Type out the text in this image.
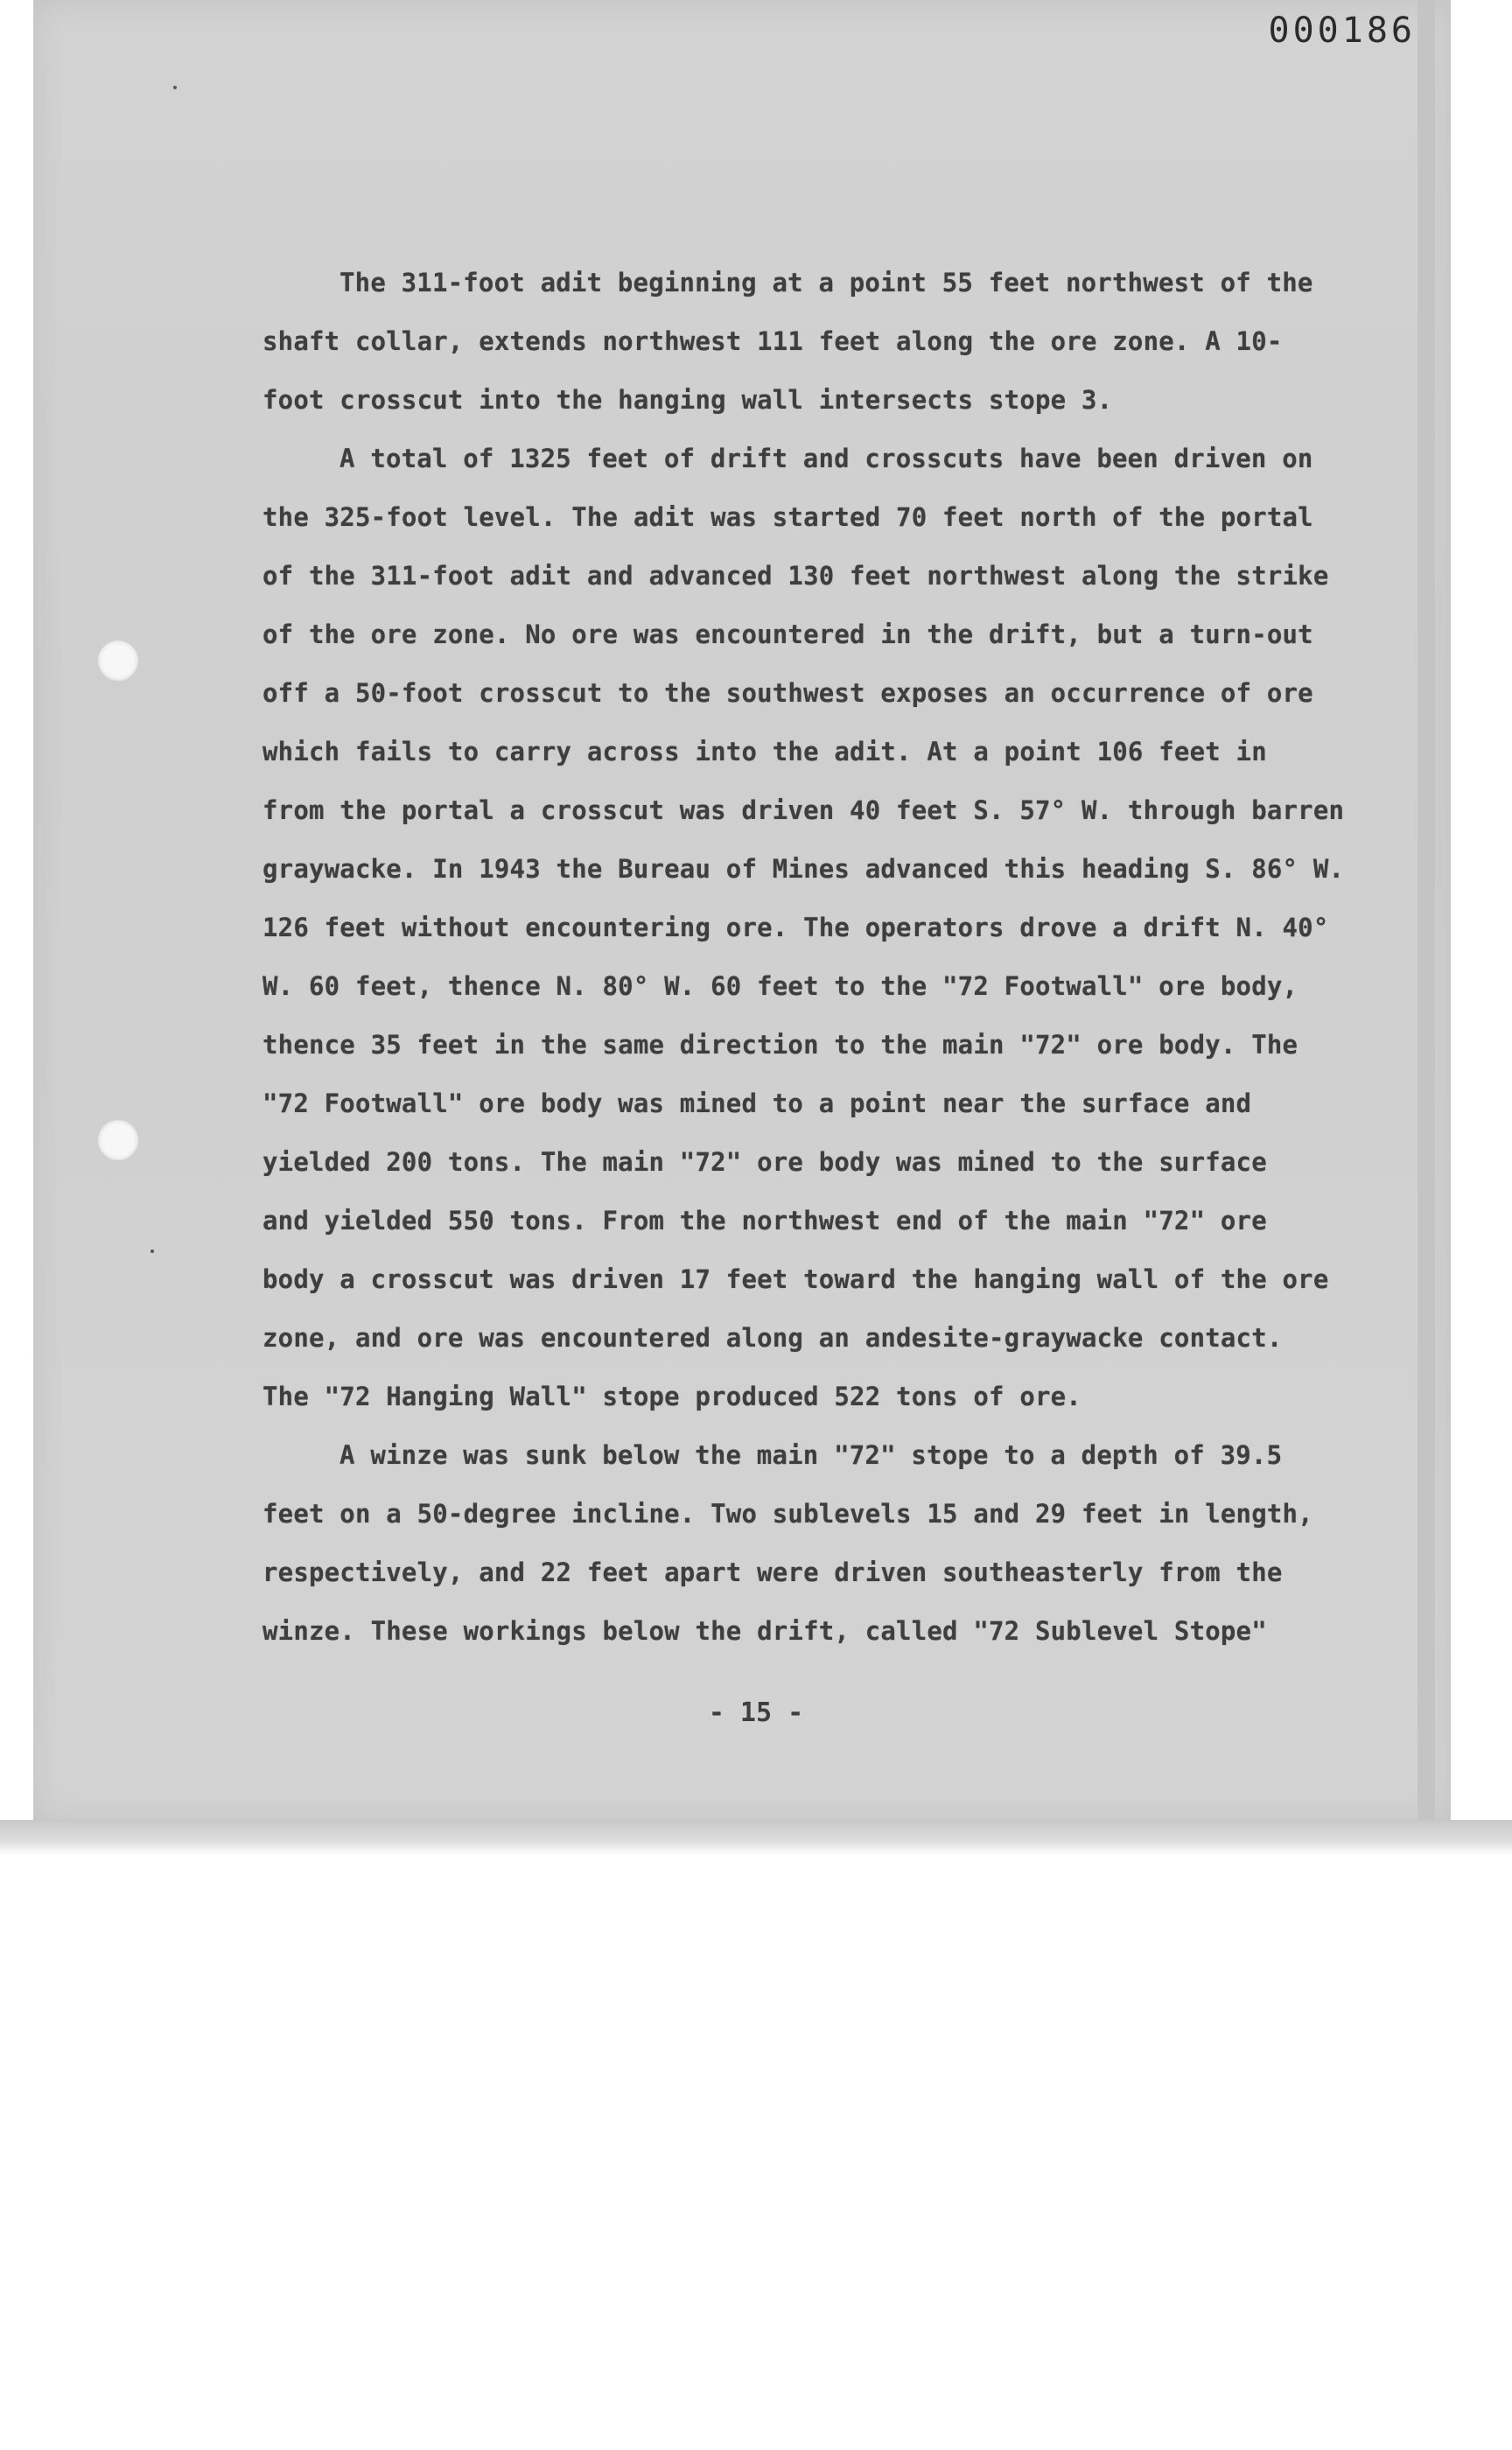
000186
The 311-foot adit beginning at a point 55 feet northwest of the
shaft collar, extends northwest 111 feet along the ore zone. A 10-
foot crosscut into the hanging wall intersects stope 3.
A total of 1325 feet of drift and crosscuts have been driven on
the 325-foot level. The adit was started 70 feet north of the portal
of the 311-foot adit and advanced 130 feet northwest along the strike
of the ore zone. No ore was encountered in the drift, but a turn-out
off a 50-foot crosscut to the southwest exposes an occurrence of ore
which fails to carry across into the adit. At a point 106 feet in
from the portal a crosscut was driven 40 feet S. 57° W. through barren
graywacke. In 1943 the Bureau of Mines advanced this heading S. 86° W.
126 feet without encountering ore. The operators drove a drift N. 40°
W. 60 feet, thence N. 80° W. 60 feet to the "72 Footwall" ore body,
thence 35 feet in the same direction to the main "72" ore body. The
"72 Footwall" ore body was mined to a point near the surface and
yielded 200 tons. The main "72" ore body was mined to the surface
and yielded 550 tons. From the northwest end of the main "72" ore
body a crosscut was driven 17 feet toward the hanging wall of the ore
zone, and ore was encountered along an andesite-graywacke contact.
The "72 Hanging Wall" stope produced 522 tons of ore.
A winze was sunk below the main "72" stope to a depth of 39.5
feet on a 50-degree incline. Two sublevels 15 and 29 feet in length,
respectively, and 22 feet apart were driven southeasterly from the
winze. These workings below the drift, called "72 Sublevel Stope"
- 15 -
